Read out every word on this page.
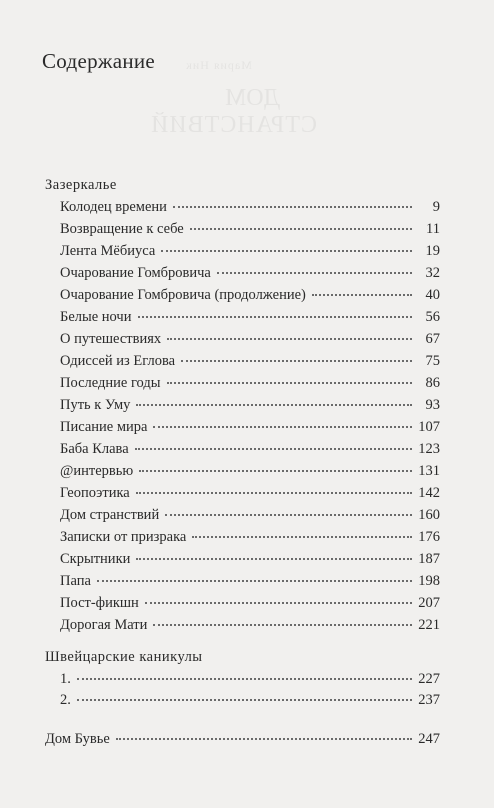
Мария Ник
ДОМ
СТРАНСТВИЙ
Содержание
Зазеркалье
Колодец времени	9
Возвращение к себе	11
Лента Мёбиуса	19
Очарование Гомбровича	32
Очарование Гомбровича (продолжение)	40
Белые ночи	56
О путешествиях	67
Одиссей из Еглова	75
Последние годы	86
Путь к Уму	93
Писание мира	107
Баба Клава	123
@интервью	131
Геопоэтика	142
Дом странствий	160
Записки от призрака	176
Скрытники	187
Папа	198
Пост-фикшн	207
Дорогая Мати	221
Швейцарские каникулы
1.	227
2.	237
Дом Бувье	247
